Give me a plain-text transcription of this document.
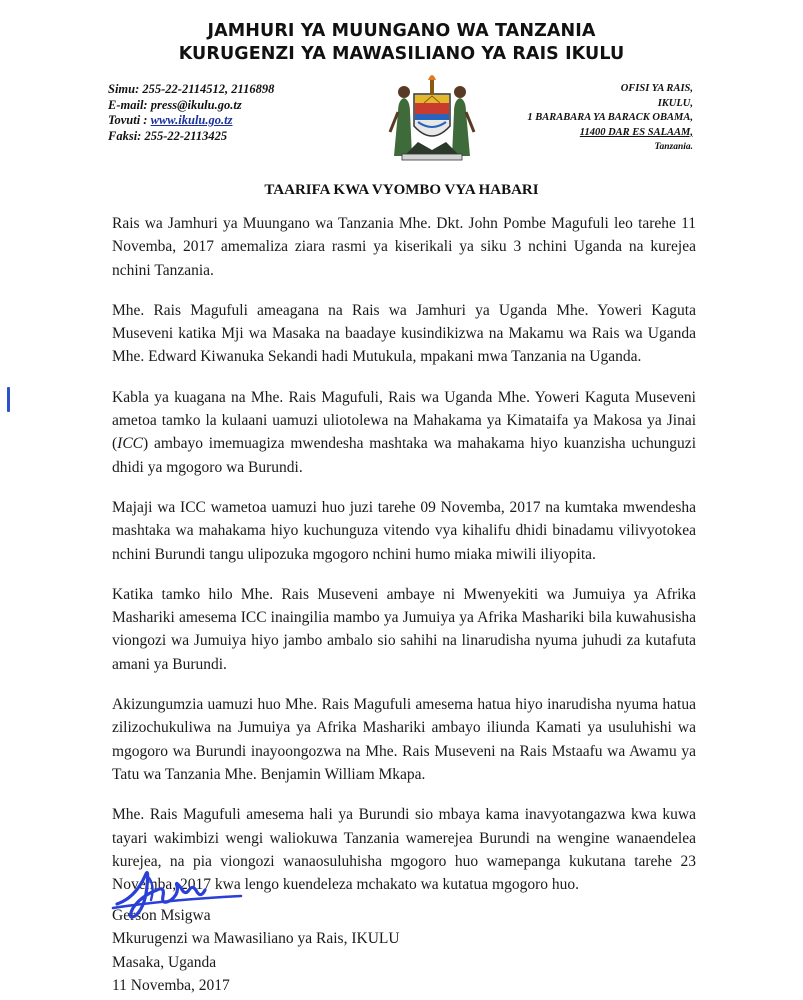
JAMHURI YA MUUNGANO WA TANZANIA
KURUGENZI YA MAWASILIANO YA RAIS IKULU
Simu: 255-22-2114512, 2116898
E-mail: press@ikulu.go.tz
Tovuti : www.ikulu.go.tz
Faksi: 255-22-2113425
OFISI YA RAIS,
IKULU,
1 BARABARA YA BARACK OBAMA,
11400 DAR ES SALAAM,
Tanzania.
TAARIFA KWA VYOMBO VYA HABARI

Rais wa Jamhuri ya Muungano wa Tanzania Mhe. Dkt. John Pombe Magufuli leo tarehe 11 Novemba, 2017 amemaliza ziara rasmi ya kiserikali ya siku 3 nchini Uganda na kurejea nchini Tanzania.

Mhe. Rais Magufuli ameagana na Rais wa Jamhuri ya Uganda Mhe. Yoweri Kaguta Museveni katika Mji wa Masaka na baadaye kusindikizwa na Makamu wa Rais wa Uganda Mhe. Edward Kiwanuka Sekandi hadi Mutukula, mpakani mwa Tanzania na Uganda.

Kabla ya kuagana na Mhe. Rais Magufuli, Rais wa Uganda Mhe. Yoweri Kaguta Museveni ametoa tamko la kulaani uamuzi uliotolewa na Mahakama ya Kimataifa ya Makosa ya Jinai (ICC) ambayo imemuagiza mwendesha mashtaka wa mahakama hiyo kuanzisha uchunguzi dhidi ya mgogoro wa Burundi.

Majaji wa ICC wametoa uamuzi huo juzi tarehe 09 Novemba, 2017 na kumtaka mwendesha mashtaka wa mahakama hiyo kuchunguza vitendo vya kihalifu dhidi binadamu vilivyotokea nchini Burundi tangu ulipozuka mgogoro nchini humo miaka miwili iliyopita.

Katika tamko hilo Mhe. Rais Museveni ambaye ni Mwenyekiti wa Jumuiya ya Afrika Mashariki amesema ICC inaingilia mambo ya Jumuiya ya Afrika Mashariki bila kuwahusisha viongozi wa Jumuiya hiyo jambo ambalo sio sahihi na linarudisha nyuma juhudi za kutafuta amani ya Burundi.

Akizungumzia uamuzi huo Mhe. Rais Magufuli amesema hatua hiyo inarudisha nyuma hatua zilizochukuliwa na Jumuiya ya Afrika Mashariki ambayo iliunda Kamati ya usuluhishi wa mgogoro wa Burundi inayoongozwa na Mhe. Rais Museveni na Rais Mstaafu wa Awamu ya Tatu wa Tanzania Mhe. Benjamin William Mkapa.

Mhe. Rais Magufuli amesema hali ya Burundi sio mbaya kama inavyotangazwa kwa kuwa tayari wakimbizi wengi waliokuwa Tanzania wamerejea Burundi na wengine wanaendelea kurejea, na pia viongozi wanaosuluhisha mgogoro huo wamepanga kukutana tarehe 23 Novemba, 2017 kwa lengo kuendeleza mchakato wa kutatua mgogoro huo.

Gerson Msigwa
Mkurugenzi wa Mawasiliano ya Rais, IKULU
Masaka, Uganda
11 Novemba, 2017
